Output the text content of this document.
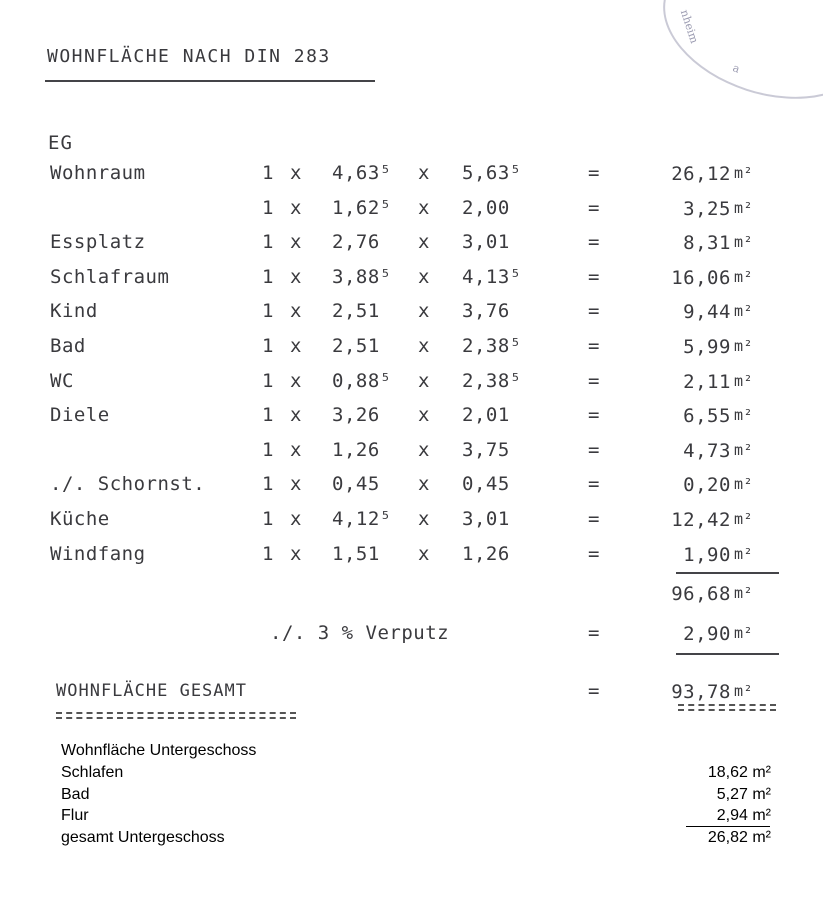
nheim
a
WOHNFLÄCHE NACH DIN 283
EG
Wohnraum	1 x 4,63⁵ x 5,63⁵	=	26,12 m²
1 x 1,62⁵ x 2,00	=	3,25 m²
Essplatz	1 x 2,76 x 3,01	=	8,31 m²
Schlafraum	1 x 3,88⁵ x 4,13⁵	=	16,06 m²
Kind	1 x 2,51 x 3,76	=	9,44 m²
Bad	1 x 2,51 x 2,38⁵	=	5,99 m²
WC	1 x 0,88⁵ x 2,38⁵	=	2,11 m²
Diele	1 x 3,26 x 2,01	=	6,55 m²
1 x 1,26 x 3,75	=	4,73 m²
./. Schornst.	1 x 0,45 x 0,45	=	0,20 m²
Küche	1 x 4,12⁵ x 3,01	=	12,42 m²
Windfang	1 x 1,51 x 1,26	=	1,90 m²
96,68 m²
./. 3 % Verputz	=	2,90 m²
WOHNFLÄCHE GESAMT	=	93,78 m²
Wohnfläche Untergeschoss
Schlafen	18,62 m²
Bad	5,27 m²
Flur	2,94 m²
gesamt Untergeschoss	26,82 m²
